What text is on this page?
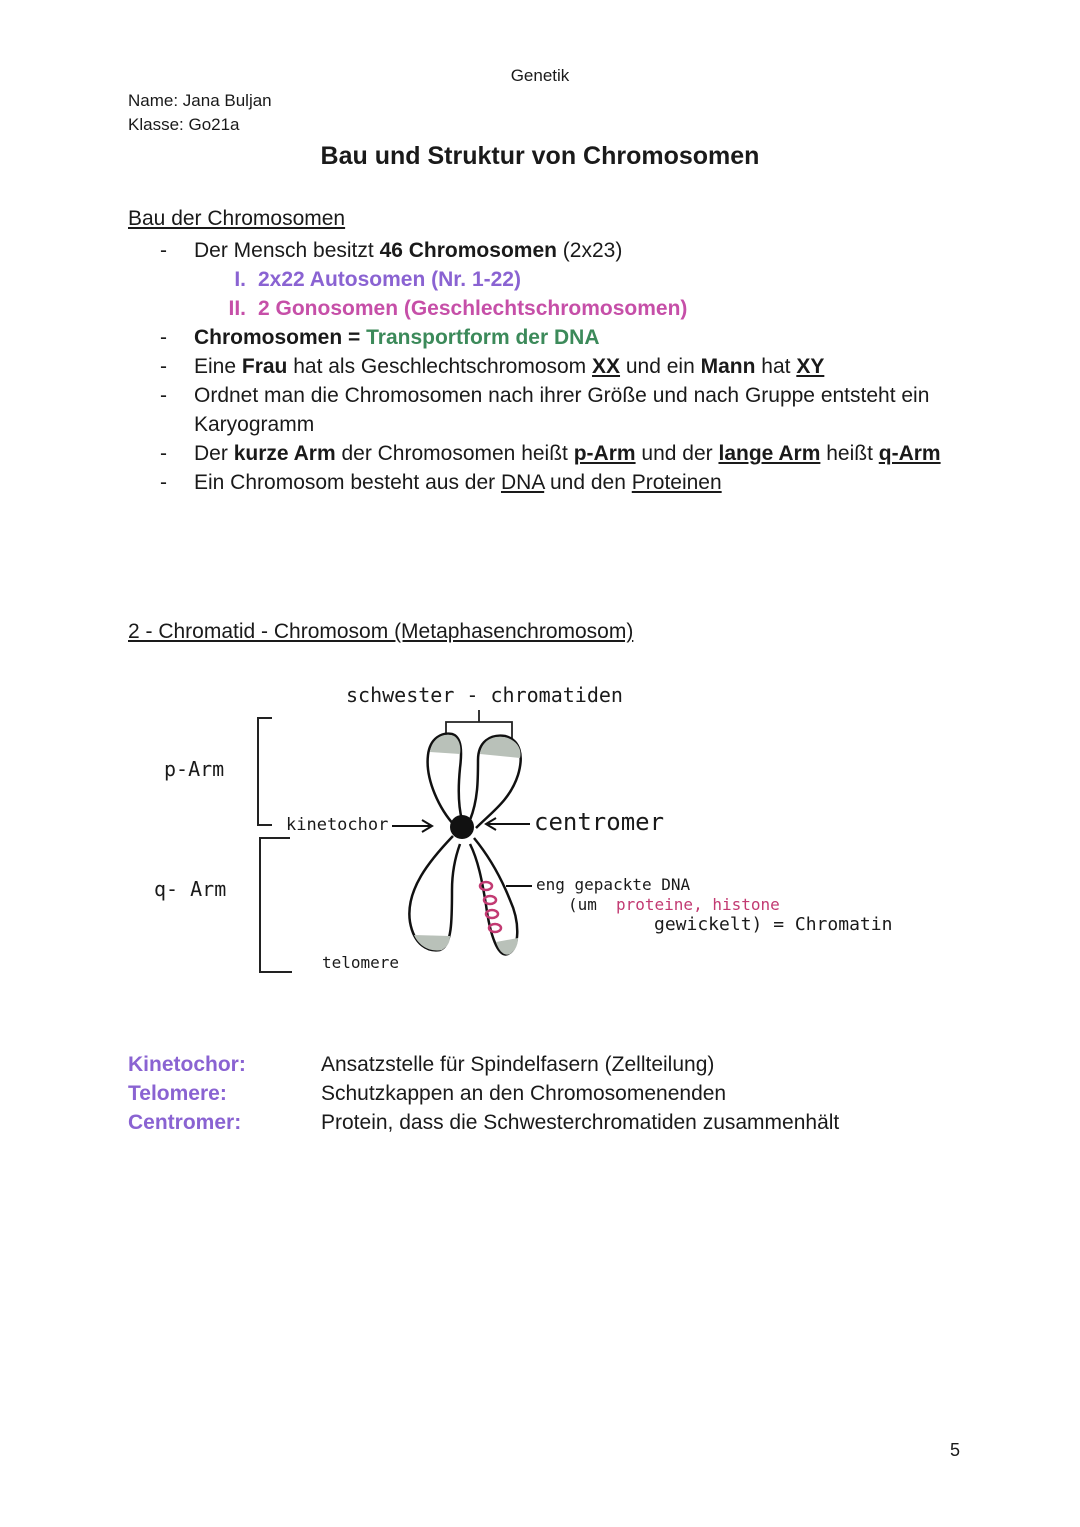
Genetik
Name: Jana Buljan
Klasse: Go21a
Bau und Struktur von Chromosomen
Bau der Chromosomen
- Der Mensch besitzt 46 Chromosomen (2x23)
I. 2x22 Autosomen (Nr. 1-22)
II. 2 Gonosomen (Geschlechtschromosomen)
- Chromosomen = Transportform der DNA
- Eine Frau hat als Geschlechtschromosom XX und ein Mann hat XY
- Ordnet man die Chromosomen nach ihrer Größe und nach Gruppe entsteht ein Karyogramm
- Der kurze Arm der Chromosomen heißt p-Arm und der lange Arm heißt q-Arm
- Ein Chromosom besteht aus der DNA und den Proteinen
2 - Chromatid - Chromosom (Metaphasenchromosom)
schwester - chromatiden
p-Arm
q- Arm
kinetochor	centromer
eng gepackte DNA
(um proteine, histone
gewickelt) = Chromatin
telomere
Kinetochor:	Ansatzstelle für Spindelfasern (Zellteilung)
Telomere:	Schutzkappen an den Chromosomenenden
Centromer:	Protein, dass die Schwesterchromatiden zusammenhält
5
